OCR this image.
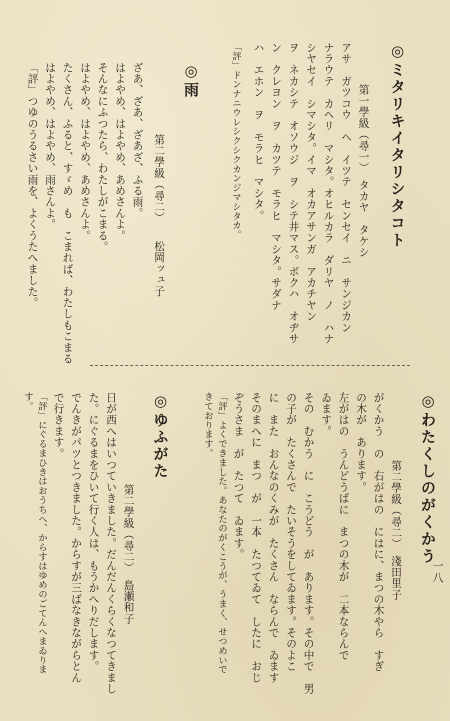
一八
◎ミタリキイタリシタコト
第一學級（尋一）　タカヤ　タケシ
アサ　ガツコウ　ヘ　イツテ　センセイ　ニ　サンジカン
ナラウテ　カヘリ　マシタ。オヒルカラ　ダリヤ　ノ　ハナ
シヤセイ　シマシタ。イマ　オカアサンガ　アカチヤン
ヲ　ネカシテ　オソウジ　ヲ　シテ井マス。ボクハ　オヂサ
ン　クレヨン　ヲ　カツテ　モラヒ　マシタ。サダナ
ハ　エホン　ヲ　モラヒ　マシタ。
「評」ドンナニウレシクシクカンジマシタカ。
◎雨
第二學級（尋二）　　松岡ッュ子
ざあ、ざあ、ざあざ、ふる雨。
はよやめ、はよやめ、あめさんよ。
そんなにふつたら、わたしがこまる。
はよやめ、はよやめ、あめさんよ。
たくさん、ふると、すゞめ　も　こまれば、わたしもこまる
はよやめ、はよやめ、雨さんよ。
「評」つゆのうるさい雨を、よくうたへました。
◎わたくしのがくかう
第二學級（尋二）　淺田里子
がくかう　の　右がはの　にはに、まつの木やら　すぎ
の木が　あります。
左がはの　うんどうばに　まつの木が　二本ならんで
ゐます。
その　むかう　に　こうどう　が　あります。その中で　男
の子が　たくさんで　たいそうをしてゐます。そのよこ
に　また　おんなのくみが　たくさん　ならんで　ゐます
そのまへに　まつ　が　一本　たつてゐて　したに　おじ
ぞうさま　が　たつて　ゐます。
「評」よくできました。あなたのがくこうが、うまく、せつめいで
きております。
◎ゆふがた
第二學級（尋二）　島瀬和子
日が西へはいつていきました。だんだんくらくなつてきまし
た。にぐるまをひいて行く人は、もうかへりだします。
でんきがパツとつきました。からすが三ばなきながらとん
で行きます。
「評」にぐるまひきはおうちへ、からすはゆめのごてんへまゐりま
す。
